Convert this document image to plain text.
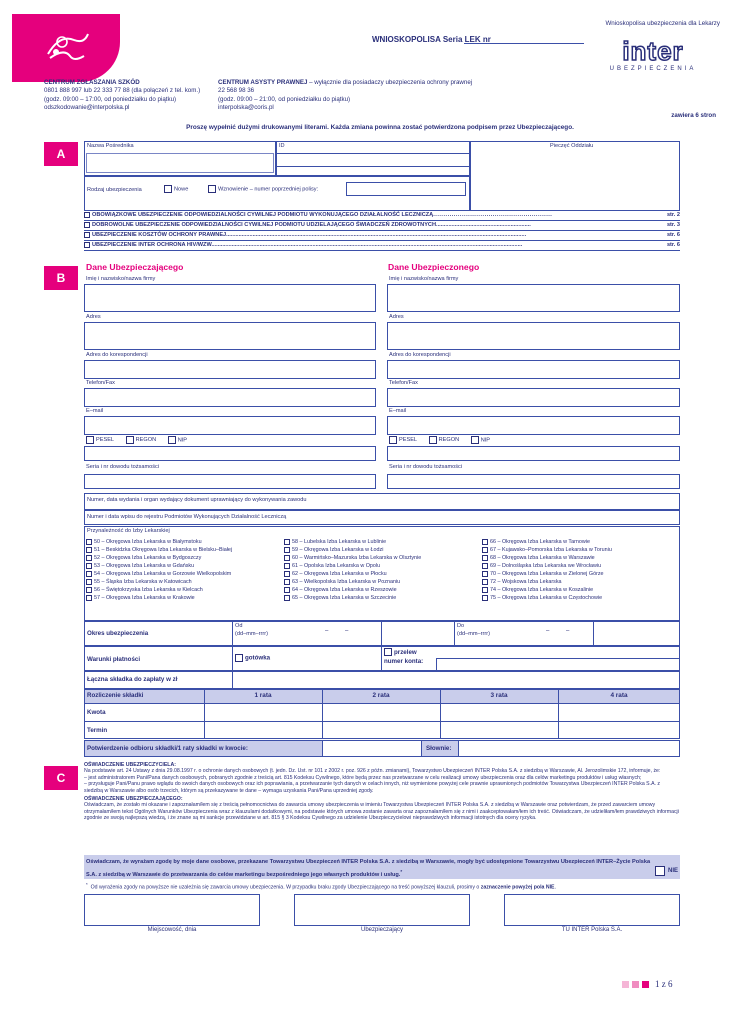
Wnioskopolisa ubezpieczenia dla Lekarzy
WNIOSKOPOLISA Seria LEK nr	inter
UBEZPIECZENIA
CENTRUM ZGŁASZANIA SZKÓD
0801 888 997 lub 22 333 77 88 (dla połączeń z tel. kom.)
(godz. 09:00 – 17:00, od poniedziałku do piątku)
odszkodowanie@interpolska.pl
CENTRUM ASYSTY PRAWNEJ – wyłącznie dla posiadaczy ubezpieczenia ochrony prawnej
22 568 98 36
(godz. 09:00 – 21:00, od poniedziałku do piątku)
interpolska@coris.pl
zawiera 6 stron
Proszę wypełnić dużymi drukowanymi literami. Każda zmiana powinna zostać potwierdzona podpisem przez Ubezpieczającego.
A
Nazwa Pośrednika	ID	Pieczęć Oddziału
Rodzaj ubezpieczenia	Nowe	Wznowienie – numer poprzedniej polisy:
OBOWIĄZKOWE UBEZPIECZENIE ODPOWIEDZIALNOŚCI CYWILNEJ PODMIOTU WYKONUJĄCEGO DZIAŁALNOŚĆ LECZNICZĄ..........................................................	str. 2
DOBROWOLNE UBEZPIECZENIE ODPOWIEDZIALNOŚCI CYWILNEJ PODMIOTU UDZIELAJĄCEGO ŚWIADCZEŃ ZDROWOTNYCH.............................................................	str. 3
UBEZPIECZENIE KOSZTÓW OCHRONY PRAWNEJ.................................................................................................................................................................................................	str. 6
UBEZPIECZENIE INTER OCHRONA HIV/WZW........................................................................................................................................................................................................	str. 6
B
Dane Ubezpieczającego	Dane Ubezpieczonego
Imię i nazwisko/nazwa firmy
Adres
Adres do korespondencji
Telefon/Fax
E–mail
PESEL	REGON	NIP
Seria i nr dowodu tożsamości
Imię i nazwisko/nazwa firmy
Adres
Adres do korespondencji
Telefon/Fax
E–mail
PESEL	REGON	NIP
Seria i nr dowodu tożsamości
Numer, data wydania i organ wydający dokument uprawniający do wykonywania zawodu
Numer i data wpisu do rejestru Podmiotów Wykonujących Działalność Leczniczą
Przynależność do Izby Lekarskiej
50 – Okręgowa Izba Lekarska w Białymstoku
51 – Beskidzka Okręgowa Izba Lekarska w Bielsku–Białej
52 – Okręgowa Izba Lekarska w Bydgoszczy
53 – Okręgowa Izba Lekarska w Gdańsku
54 – Okręgowa Izba Lekarska w Gorzowie Wielkopolskim
55 – Śląska Izba Lekarska w Katowicach
56 – Świętokrzyska Izba Lekarska w Kielcach
57 – Okręgowa Izba Lekarska w Krakowie
58 – Lubelska Izba Lekarska w Lublinie
59 – Okręgowa Izba Lekarska w Łodzi
60 – Warmińsko–Mazurska Izba Lekarska w Olsztynie
61 – Opolska Izba Lekarska w Opolu
62 – Okręgowa Izba Lekarska w Płocku
63 – Wielkopolska Izba Lekarska w Poznaniu
64 – Okręgowa Izba Lekarska w Rzeszowie
65 – Okręgowa Izba Lekarska w Szczecinie
66 – Okręgowa Izba Lekarska w Tarnowie
67 – Kujawsko–Pomorska Izba Lekarska w Toruniu
68 – Okręgowa Izba Lekarska w Warszawie
69 – Dolnośląska Izba Lekarska we Wrocławiu
70 – Okręgowa Izba Lekarska w Zielonej Górze
72 – Wojskowa Izba Lekarska
74 – Okręgowa Izba Lekarska w Koszalinie
75 – Okręgowa Izba Lekarska w Częstochowie
Okres ubezpieczenia
Od
(dd–mm–rrrr)	–          –
Do
(dd–mm–rrrr)	–          –
Warunki płatności	gotówka
przelew
numer konta:
Łączna składka do zapłaty w zł
Rozliczenie składki	1 rata	2 rata	3 rata	4 rata
Kwota
Termin
Potwierdzenie odbioru składki/1 raty składki w kwocie:	Słownie:
C
OŚWIADCZENIE UBEZPIECZYCIELA:
Na podstawie art. 24 Ustawy z dnia 29.08.1997 r. o ochronie danych osobowych (t. jedn. Dz. Ust. nr 101 z 2002 r. poz. 926 z późn. zmianami), Towarzystwo Ubezpieczeń INTER Polska S.A. z siedzibą w Warszawie, Al. Jerozolimskie 172, informuje, że:
– jest administratorem Pani/Pana danych osobowych, pobranych zgodnie z treścią art. 815 Kodeksu Cywilnego, które będą przez nas przetwarzane w celu realizacji umowy ubezpieczenia oraz dla celów marketingu produktów i usług własnych;
– przysługuje Pani/Panu prawo wglądu do swoich danych osobowych oraz ich poprawiania, a przetwarzanie tych danych w celach innych, niż wymienione powyżej cele prawnie uprawnionych podmiotów Towarzystwa Ubezpieczeń INTER Polska S.A. z siedzibą w Warszawie albo osób trzecich, którym są przekazywane te dane – wymaga uzyskania Pani/Pana uprzedniej zgody.
OŚWIADCZENIE UBEZPIECZAJĄCEGO:
Oświadczam, że zostało mi okazane i zapoznałam/łem się z treścią pełnomocnictwa do zawarcia umowy ubezpieczenia w imieniu Towarzystwa Ubezpieczeń INTER Polska S.A. z siedzibą w Warszawie oraz potwierdzam, że przed zawarciem umowy otrzymałam/łem tekst Ogólnych Warunków Ubezpieczenia wraz z klauzulami dodatkowymi, na podstawie których umowa zostanie zawarta oraz zapoznałam/łem się z nimi i zaakceptowałam/łem ich treść. Oświadczam, że udzieliłam/łem prawdziwych informacji zgodnie ze swoją najlepszą wiedzą, i że znane są mi sankcje przewidziane w art. 815 § 3 Kodeksu Cywilnego za udzielenie Ubezpieczycielowi nieprawdziwych informacji istotnych dla oceny ryzyka.
Oświadczam, że wyrażam zgodę by moje dane osobowe, przekazane Towarzystwu Ubezpieczeń INTER Polska S.A. z siedzibą w Warszawie, mogły być udostępnione Towarzystwu Ubezpieczeń INTER–Życie Polska S.A. z siedzibą w Warszawie do przetwarzania do celów marketingu bezpośredniego jego własnych produktów i usług.*	NIE
*  Od wyrażenia zgody na powyższe nie uzależnia się zawarcia umowy ubezpieczenia. W przypadku braku zgody Ubezpieczającego na treść powyższej klauzuli, prosimy o zaznaczenie powyżej pola NIE.
Miejscowość, dnia	Ubezpieczający	TU INTER Polska S.A.
1 z 6
